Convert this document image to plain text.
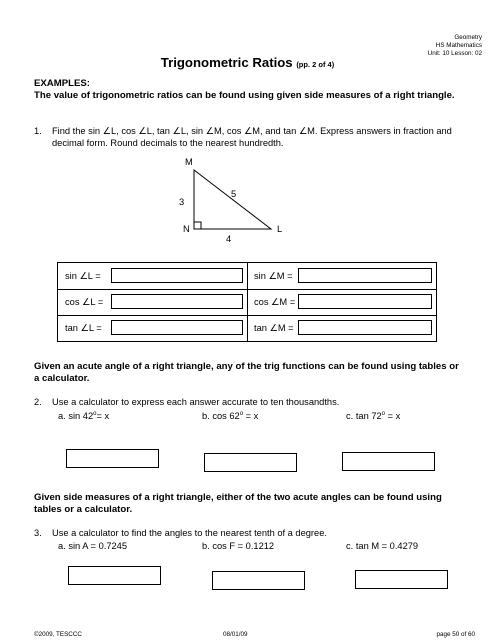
Geometry
HS Mathematics
Unit: 10 Lesson: 02
Trigonometric Ratios (pp. 2 of 4)
EXAMPLES:
The value of trigonometric ratios can be found using given side measures of a right triangle.
1. Find the sin ∠L, cos ∠L, tan ∠L, sin ∠M, cos ∠M, and tan ∠M. Express answers in fraction and decimal form. Round decimals to the nearest hundredth.
M
N	L
3
5
4
sin ∠L =	sin ∠M =
cos ∠L =	cos ∠M =
tan ∠L =	tan ∠M =
Given an acute angle of a right triangle, any of the trig functions can be found using tables or a calculator.
2. Use a calculator to express each answer accurate to ten thousandths.
a. $\sin 42^o= x$	b. $\cos 62^o = x$	c. $\tan 72^o = x$
Given side measures of a right triangle, either of the two acute angles can be found using tables or a calculator.
3. Use a calculator to find the angles to the nearest tenth of a degree.
a. sin A = 0.7245	b. cos F = 0.1212	c. tan M = 0.4279
©2009, TESCCC	08/01/09	page 50 of 60
